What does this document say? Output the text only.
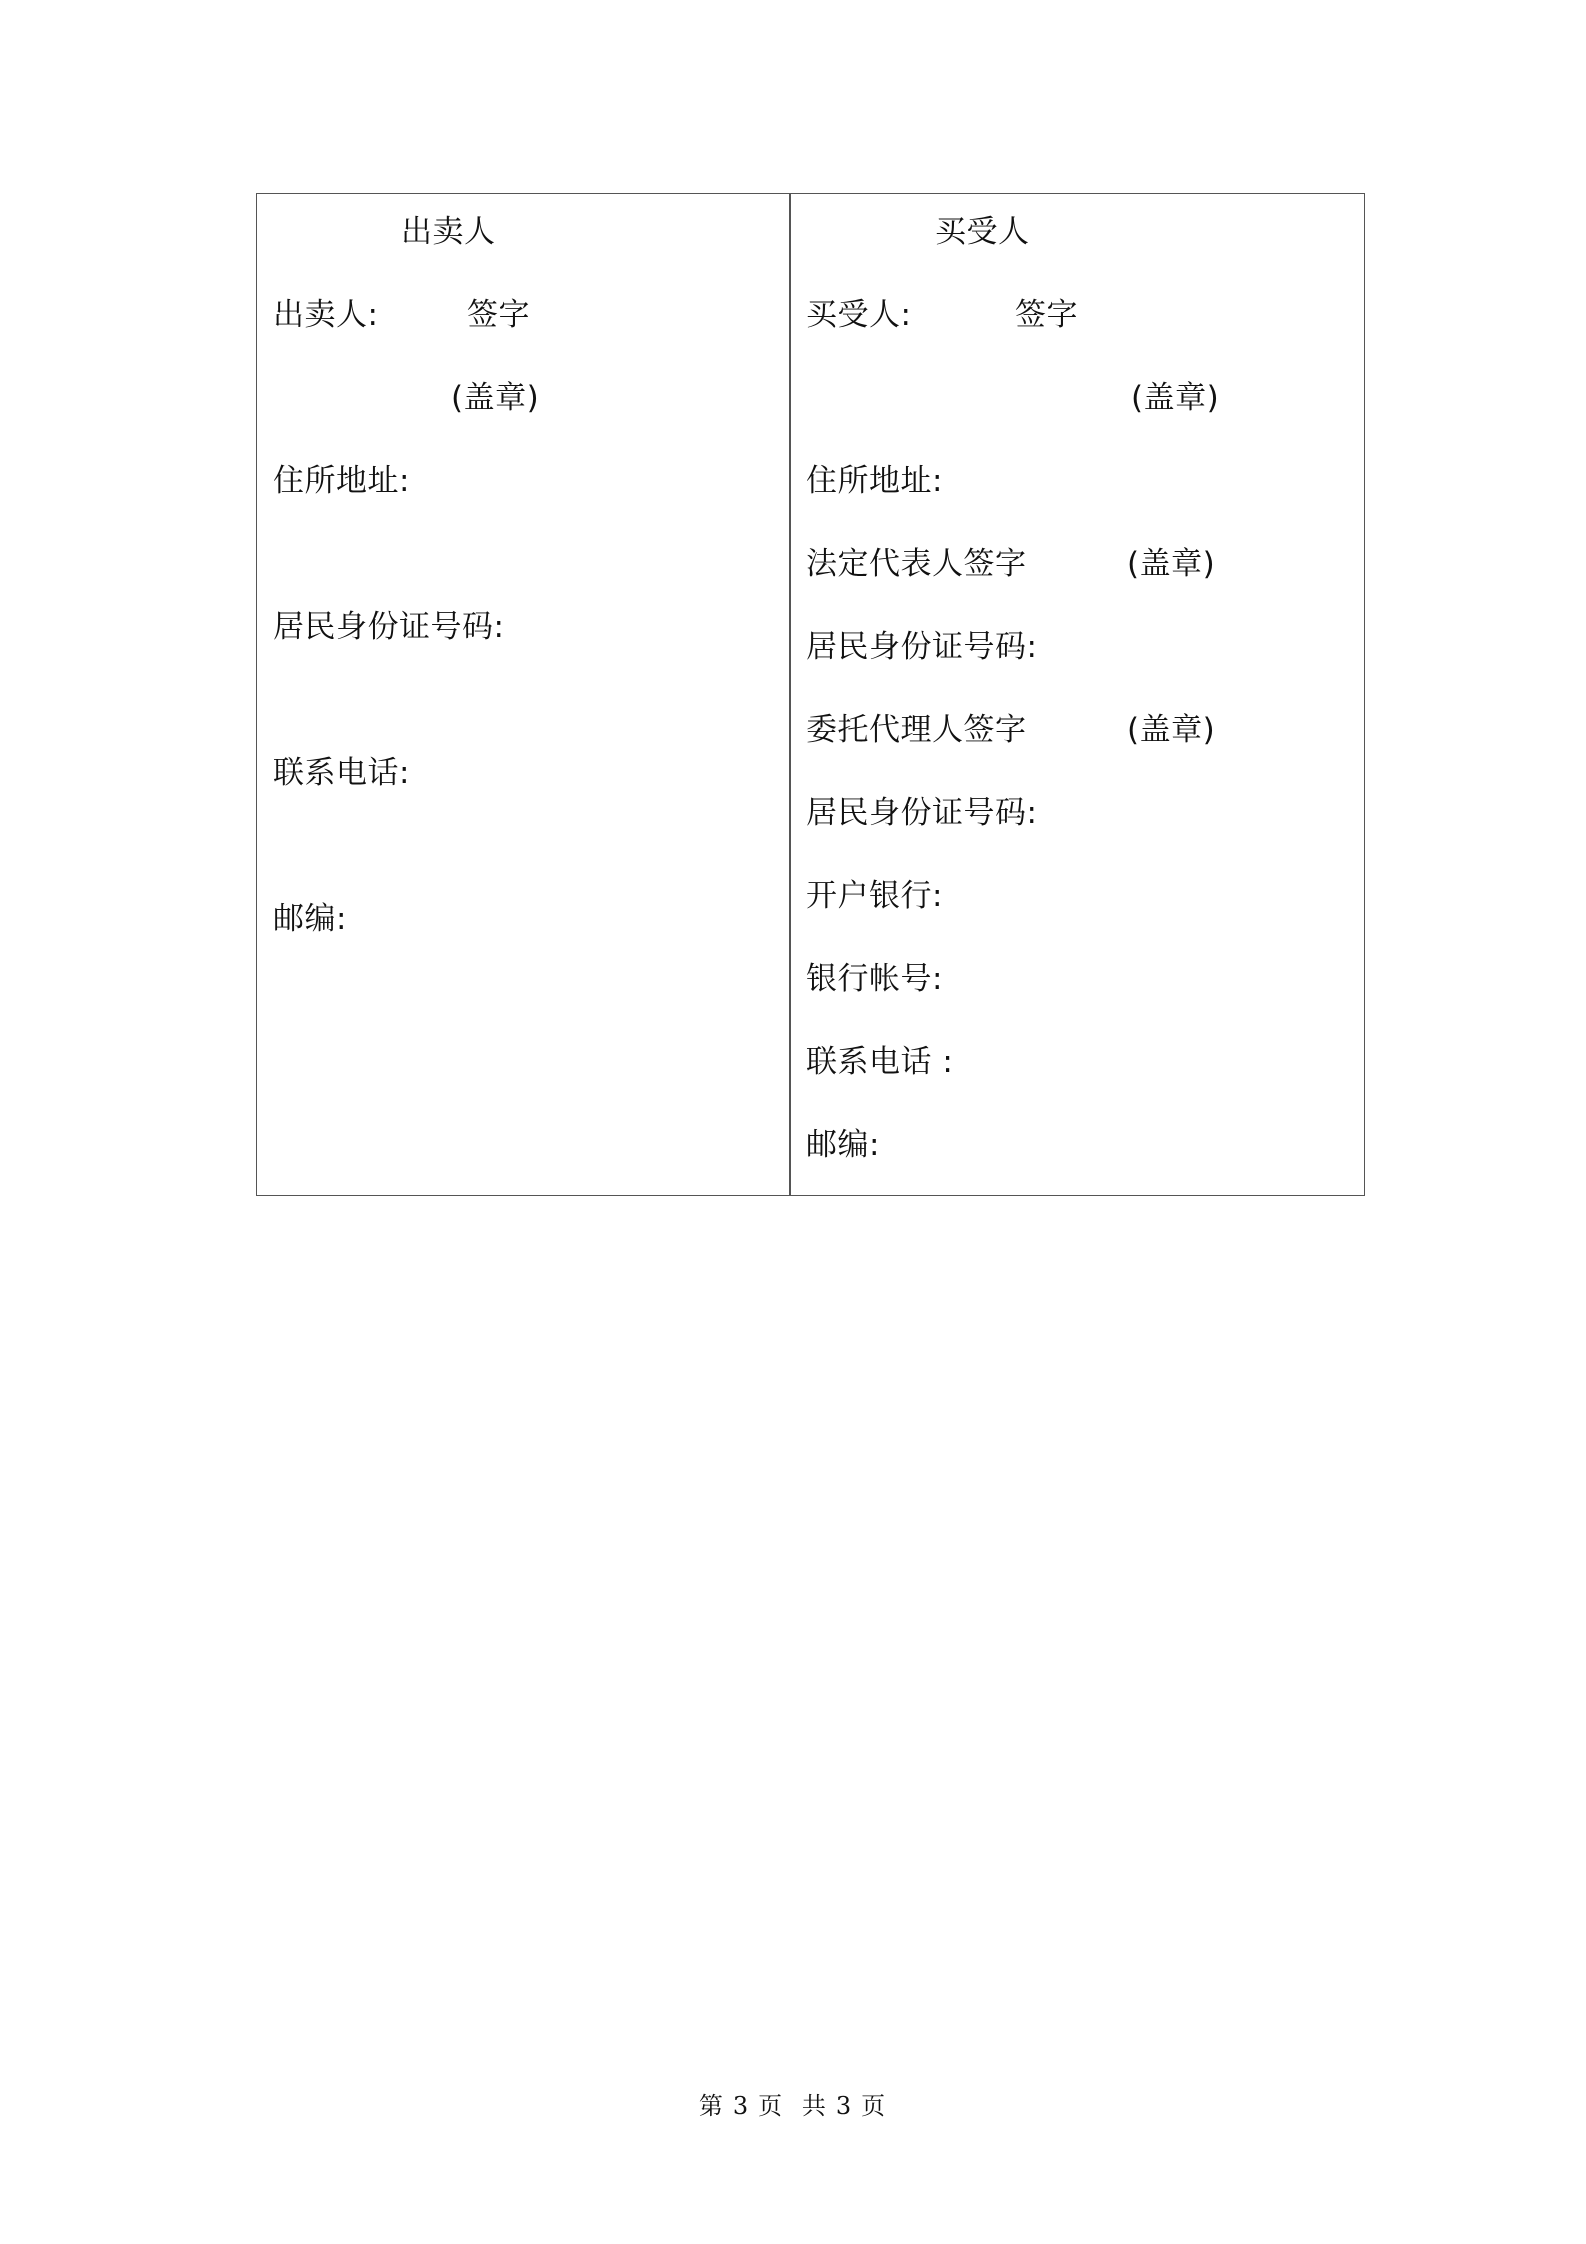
出卖人
出卖人:	签字
(盖章)
住所地址:
居民身份证号码:
联系电话:
邮编:
买受人
买受人:	签字
(盖章)
住所地址:
法定代表人签字	(盖章)
居民身份证号码:
委托代理人签字	(盖章)
居民身份证号码:
开户银行:
银行帐号:
联系电话 :
邮编:
第 3 页 共 3 页
